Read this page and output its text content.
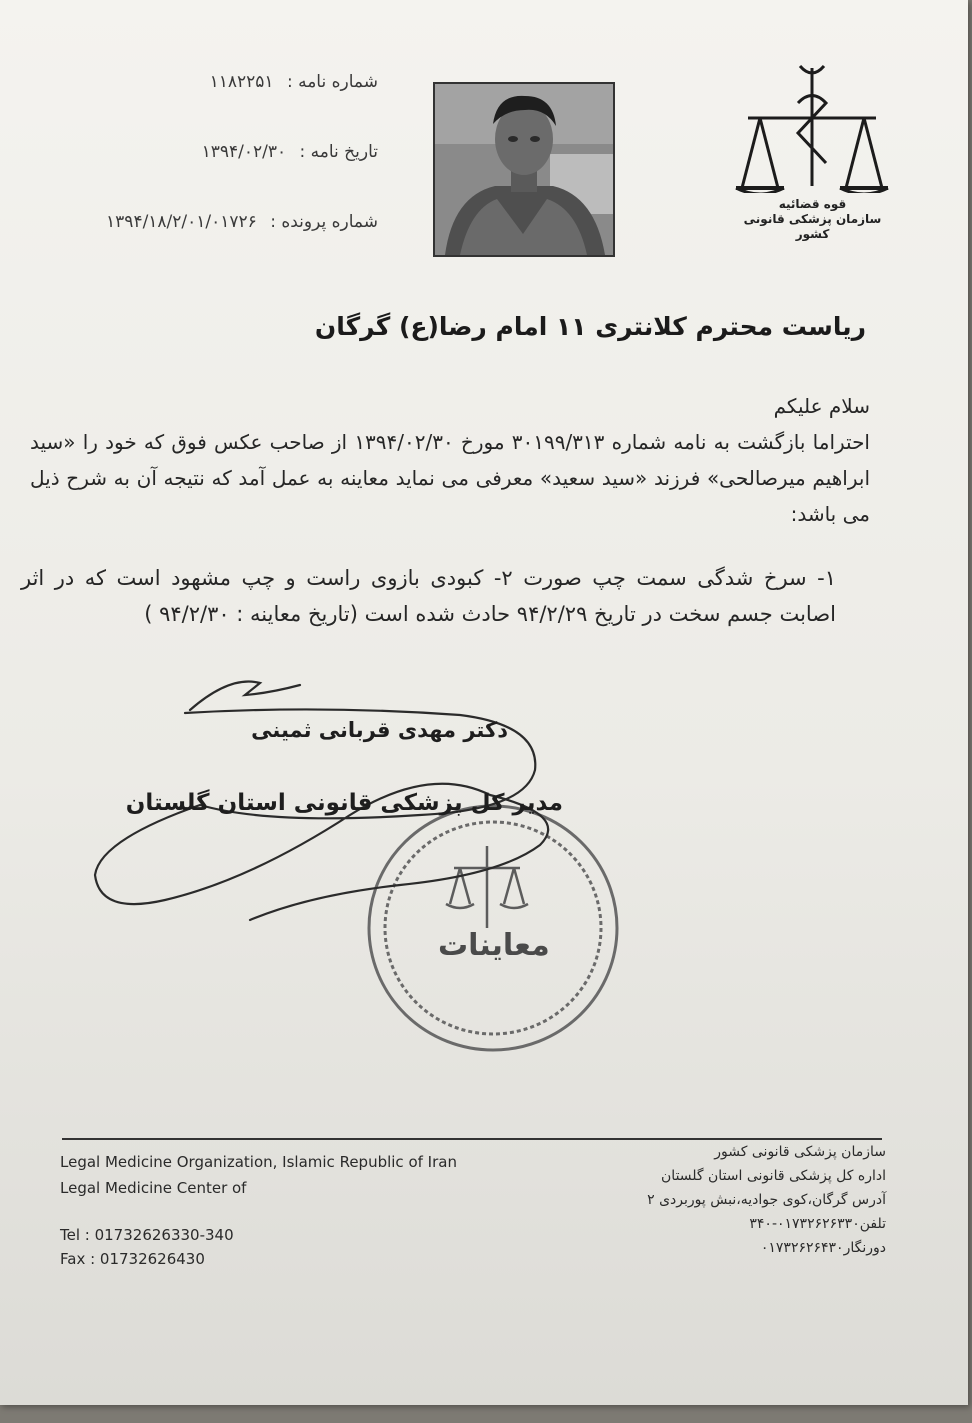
شماره نامه : ۱۱۸۲۲۵۱
تاریخ نامه : ۱۳۹۴/۰۲/۳۰
شماره پرونده : ۱۳۹۴/۱۸/۲/۰۱/۰۱۷۲۶
قوه قضائیه
سازمان پزشکی قانونی کشور
ریاست محترم کلانتری ۱۱ امام رضا(ع) گرگان

سلام علیکم

احتراما بازگشت به نامه شماره ۳۰۱۹۹/۳۱۳ مورخ ۱۳۹۴/۰۲/۳۰ از صاحب عکس فوق که خود را «سید ابراهیم میرصالحی» فرزند «سید سعید» معرفی می نماید معاینه به عمل آمد که نتیجه آن به شرح ذیل می باشد:

۱- سرخ شدگی سمت چپ صورت ۲- کبودی بازوی راست و چپ مشهود است که در اثر اصابت جسم سخت در تاریخ ۹۴/۲/۲۹ حادث شده است (تاریخ معاینه : ۹۴/۲/۳۰ )

معاینات
دکتر مهدی قربانی ثمینی
مدیر کل پزشکی قانونی استان گلستان
Legal Medicine Organization, Islamic Republic of Iran
Legal Medicine Center of
Tel : 01732626330-340
Fax : 01732626430
سازمان پزشکی قانونی کشور
اداره کل پزشکی قانونی استان گلستان
آدرس گرگان،کوی جوادیه،نبش پوربردی ۲
تلفن۰۱۷۳۲۶۲۶۳۳۰-۳۴۰
دورنگار۰۱۷۳۲۶۲۶۴۳۰
